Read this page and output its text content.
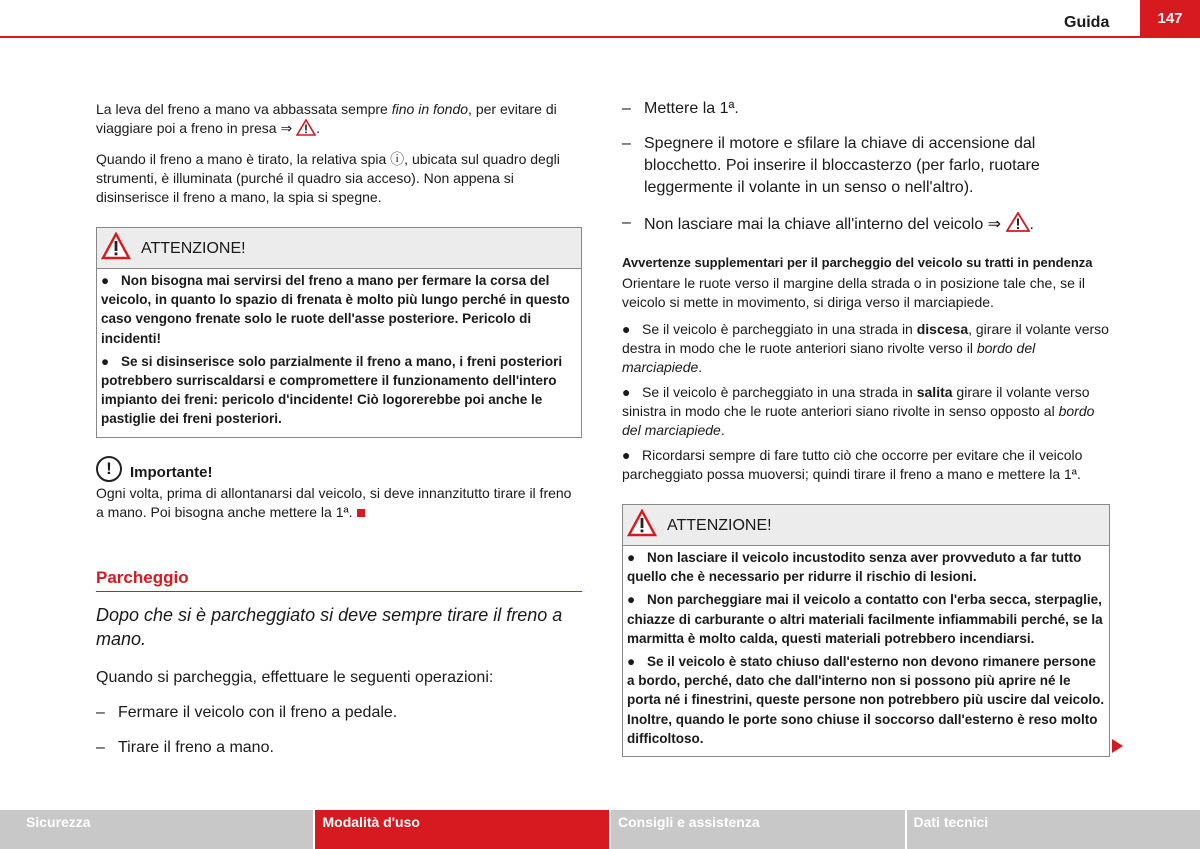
Guida	147

La leva del freno a mano va abbassata sempre fino in fondo, per evitare di viaggiare poi a freno in presa ⇒ .

Quando il freno a mano è tirato, la relativa spia ⓘ, ubicata sul quadro degli strumenti, è illuminata (purché il quadro sia acceso). Non appena si disinserisce il freno a mano, la spia si spegne.

ATTENZIONE!

● Non bisogna mai servirsi del freno a mano per fermare la corsa del veicolo, in quanto lo spazio di frenata è molto più lungo perché in questo caso vengono frenate solo le ruote dell'asse posteriore. Pericolo di incidenti!

● Se si disinserisce solo parzialmente il freno a mano, i freni posteriori potrebbero surriscaldarsi e compromettere il funzionamento dell'intero impianto dei freni: pericolo d'incidente! Ciò logorerebbe poi anche le pastiglie dei freni posteriori.

!	Importante!

Ogni volta, prima di allontanarsi dal veicolo, si deve innanzitutto tirare il freno a mano. Poi bisogna anche mettere la 1ª.

Parcheggio

Dopo che si è parcheggiato si deve sempre tirare il freno a mano.

Quando si parcheggia, effettuare le seguenti operazioni:

– Fermare il veicolo con il freno a pedale.

– Tirare il freno a mano.

– Mettere la 1ª.

– Spegnere il motore e sfilare la chiave di accensione dal blocchetto. Poi inserire il bloccasterzo (per farlo, ruotare leggermente il volante in un senso o nell'altro).

– Non lasciare mai la chiave all'interno del veicolo ⇒ .

Avvertenze supplementari per il parcheggio del veicolo su tratti in pendenza

Orientare le ruote verso il margine della strada o in posizione tale che, se il veicolo si mette in movimento, si diriga verso il marciapiede.

● Se il veicolo è parcheggiato in una strada in discesa, girare il volante verso destra in modo che le ruote anteriori siano rivolte verso il bordo del marciapiede.

● Se il veicolo è parcheggiato in una strada in salita girare il volante verso sinistra in modo che le ruote anteriori siano rivolte in senso opposto al bordo del marciapiede.

● Ricordarsi sempre di fare tutto ciò che occorre per evitare che il veicolo parcheggiato possa muoversi; quindi tirare il freno a mano e mettere la 1ª.

ATTENZIONE!

● Non lasciare il veicolo incustodito senza aver provveduto a far tutto quello che è necessario per ridurre il rischio di lesioni.

● Non parcheggiare mai il veicolo a contatto con l'erba secca, sterpaglie, chiazze di carburante o altri materiali facilmente infiammabili perché, se la marmitta è molto calda, questi materiali potrebbero incendiarsi.

● Se il veicolo è stato chiuso dall'esterno non devono rimanere persone a bordo, perché, dato che dall'interno non si possono più aprire né le porta né i finestrini, queste persone non potrebbero più uscire dal veicolo. Inoltre, quando le porte sono chiuse il soccorso dall'esterno è reso molto difficoltoso.

Sicurezza	Modalità d'uso	Consigli e assistenza	Dati tecnici
